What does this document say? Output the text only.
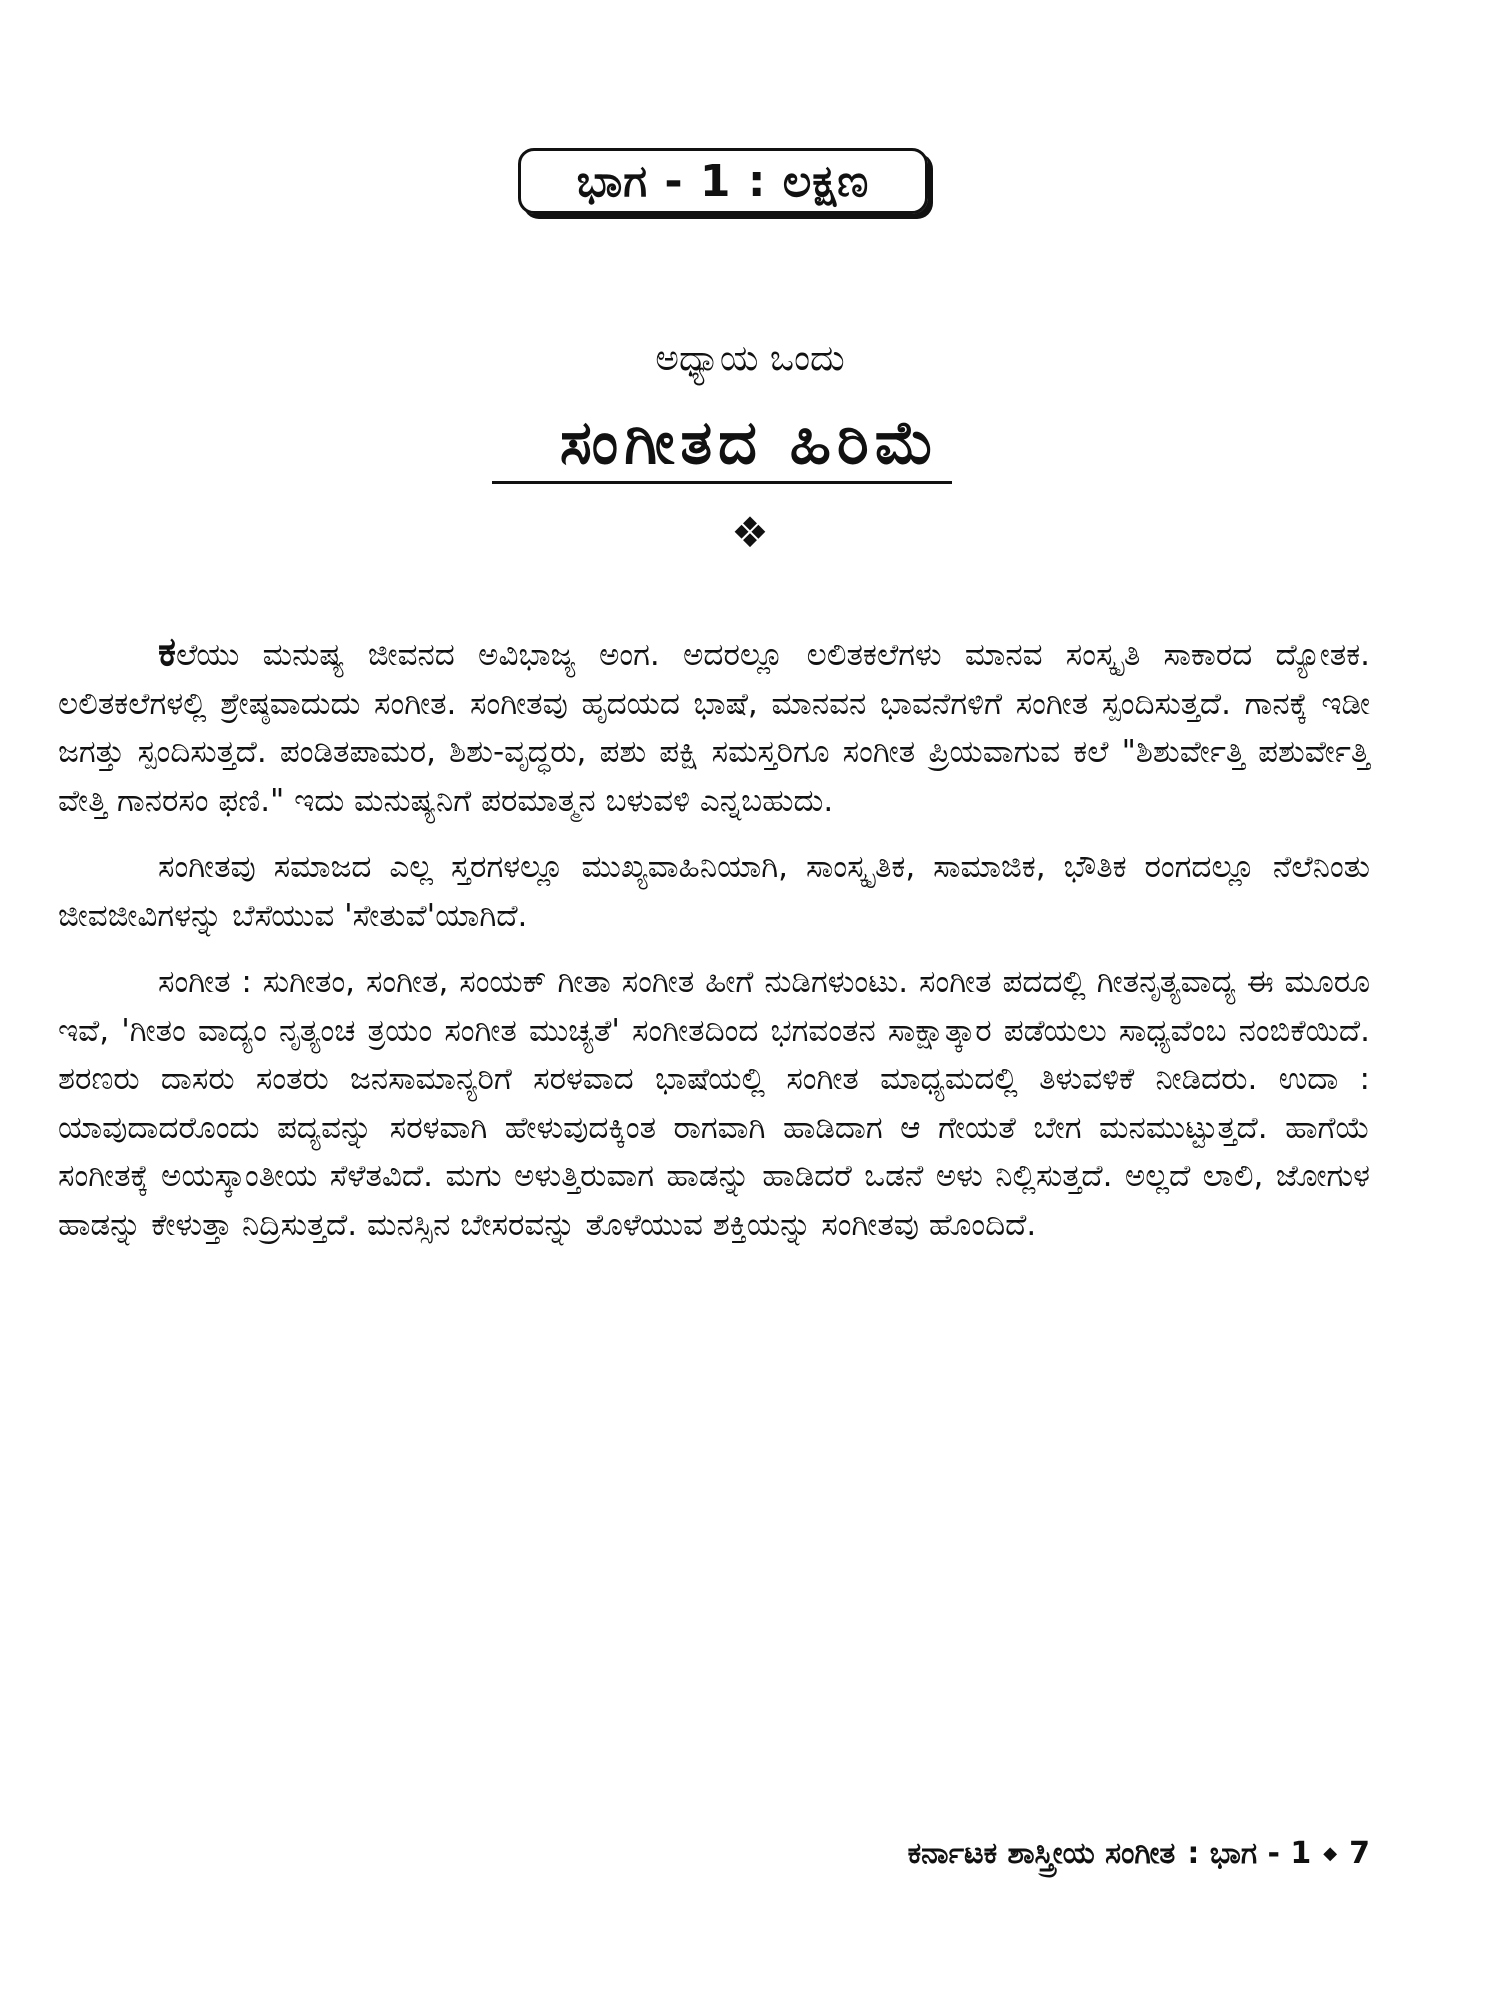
ಭಾಗ - 1 : ಲಕ್ಷಣ
ಅಧ್ಯಾಯ ಒಂದು
ಸಂಗೀತದ ಹಿರಿಮೆ
❖

ಕಲೆಯು ಮನುಷ್ಯ ಜೀವನದ ಅವಿಭಾಜ್ಯ ಅಂಗ. ಅದರಲ್ಲೂ ಲಲಿತಕಲೆಗಳು ಮಾನವ ಸಂಸ್ಕೃತಿ ಸಾಕಾರದ ದ್ಯೋತಕ. ಲಲಿತಕಲೆಗಳಲ್ಲಿ ಶ್ರೇಷ್ಠವಾದುದು ಸಂಗೀತ. ಸಂಗೀತವು ಹೃದಯದ ಭಾಷೆ, ಮಾನವನ ಭಾವನೆಗಳಿಗೆ ಸಂಗೀತ ಸ್ಪಂದಿಸುತ್ತದೆ. ಗಾನಕ್ಕೆ ಇಡೀ ಜಗತ್ತು ಸ್ಪಂದಿಸುತ್ತದೆ. ಪಂಡಿತಪಾಮರ, ಶಿಶು-ವೃದ್ಧರು, ಪಶು ಪಕ್ಷಿ ಸಮಸ್ತರಿಗೂ ಸಂಗೀತ ಪ್ರಿಯವಾಗುವ ಕಲೆ "ಶಿಶುರ್ವೇತ್ತಿ ಪಶುರ್ವೇತ್ತಿ ವೇತ್ತಿ ಗಾನರಸಂ ಫಣಿ." ಇದು ಮನುಷ್ಯನಿಗೆ ಪರಮಾತ್ಮನ ಬಳುವಳಿ ಎನ್ನಬಹುದು.

ಸಂಗೀತವು ಸಮಾಜದ ಎಲ್ಲ ಸ್ತರಗಳಲ್ಲೂ ಮುಖ್ಯವಾಹಿನಿಯಾಗಿ, ಸಾಂಸ್ಕೃತಿಕ, ಸಾಮಾಜಿಕ, ಭೌತಿಕ ರಂಗದಲ್ಲೂ ನೆಲೆನಿಂತು ಜೀವಜೀವಿಗಳನ್ನು ಬೆಸೆಯುವ 'ಸೇತುವೆ'ಯಾಗಿದೆ.

ಸಂಗೀತ : ಸುಗೀತಂ, ಸಂಗೀತ, ಸಂಯಕ್ ಗೀತಾ ಸಂಗೀತ ಹೀಗೆ ನುಡಿಗಳುಂಟು. ಸಂಗೀತ ಪದದಲ್ಲಿ ಗೀತನೃತ್ಯವಾದ್ಯ ಈ ಮೂರೂ ಇವೆ, 'ಗೀತಂ ವಾದ್ಯಂ ನೃತ್ಯಂಚ ತ್ರಯಂ ಸಂಗೀತ ಮುಚ್ಯತೆ' ಸಂಗೀತದಿಂದ ಭಗವಂತನ ಸಾಕ್ಷಾತ್ಕಾರ ಪಡೆಯಲು ಸಾಧ್ಯವೆಂಬ ನಂಬಿಕೆಯಿದೆ. ಶರಣರು ದಾಸರು ಸಂತರು ಜನಸಾಮಾನ್ಯರಿಗೆ ಸರಳವಾದ ಭಾಷೆಯಲ್ಲಿ ಸಂಗೀತ ಮಾಧ್ಯಮದಲ್ಲಿ ತಿಳುವಳಿಕೆ ನೀಡಿದರು. ಉದಾ : ಯಾವುದಾದರೊಂದು ಪದ್ಯವನ್ನು ಸರಳವಾಗಿ ಹೇಳುವುದಕ್ಕಿಂತ ರಾಗವಾಗಿ ಹಾಡಿದಾಗ ಆ ಗೇಯತೆ ಬೇಗ ಮನಮುಟ್ಟುತ್ತದೆ. ಹಾಗೆಯೆ ಸಂಗೀತಕ್ಕೆ ಅಯಸ್ಕಾಂತೀಯ ಸೆಳೆತವಿದೆ. ಮಗು ಅಳುತ್ತಿರುವಾಗ ಹಾಡನ್ನು ಹಾಡಿದರೆ ಒಡನೆ ಅಳು ನಿಲ್ಲಿಸುತ್ತದೆ. ಅಲ್ಲದೆ ಲಾಲಿ, ಜೋಗುಳ ಹಾಡನ್ನು ಕೇಳುತ್ತಾ ನಿದ್ರಿಸುತ್ತದೆ. ಮನಸ್ಸಿನ ಬೇಸರವನ್ನು ತೊಳೆಯುವ ಶಕ್ತಿಯನ್ನು ಸಂಗೀತವು ಹೊಂದಿದೆ.

ಕರ್ನಾಟಕ ಶಾಸ್ತ್ರೀಯ ಸಂಗೀತ : ಭಾಗ - 1 ◆ 7
